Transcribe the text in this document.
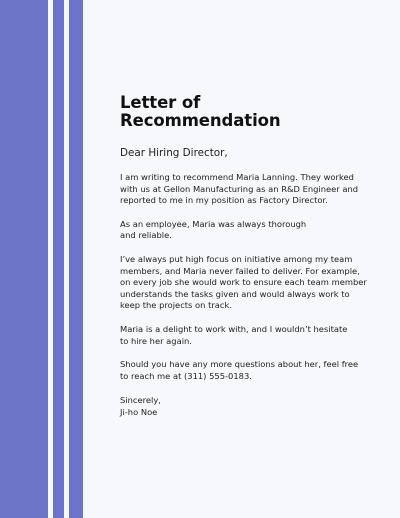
Letter of
Recommendation

Dear Hiring Director,

I am writing to recommend Maria Lanning. They worked
with us at Gellon Manufacturing as an R&D Engineer and
reported to me in my position as Factory Director.

As an employee, Maria was always thorough
and reliable.

I’ve always put high focus on initiative among my team
members, and Maria never failed to deliver. For example,
on every job she would work to ensure each team member
understands the tasks given and would always work to
keep the projects on track.

Maria is a delight to work with, and I wouldn’t hesitate
to hire her again.

Should you have any more questions about her, feel free
to reach me at (311) 555-0183.

Sincerely,
Ji-ho Noe
